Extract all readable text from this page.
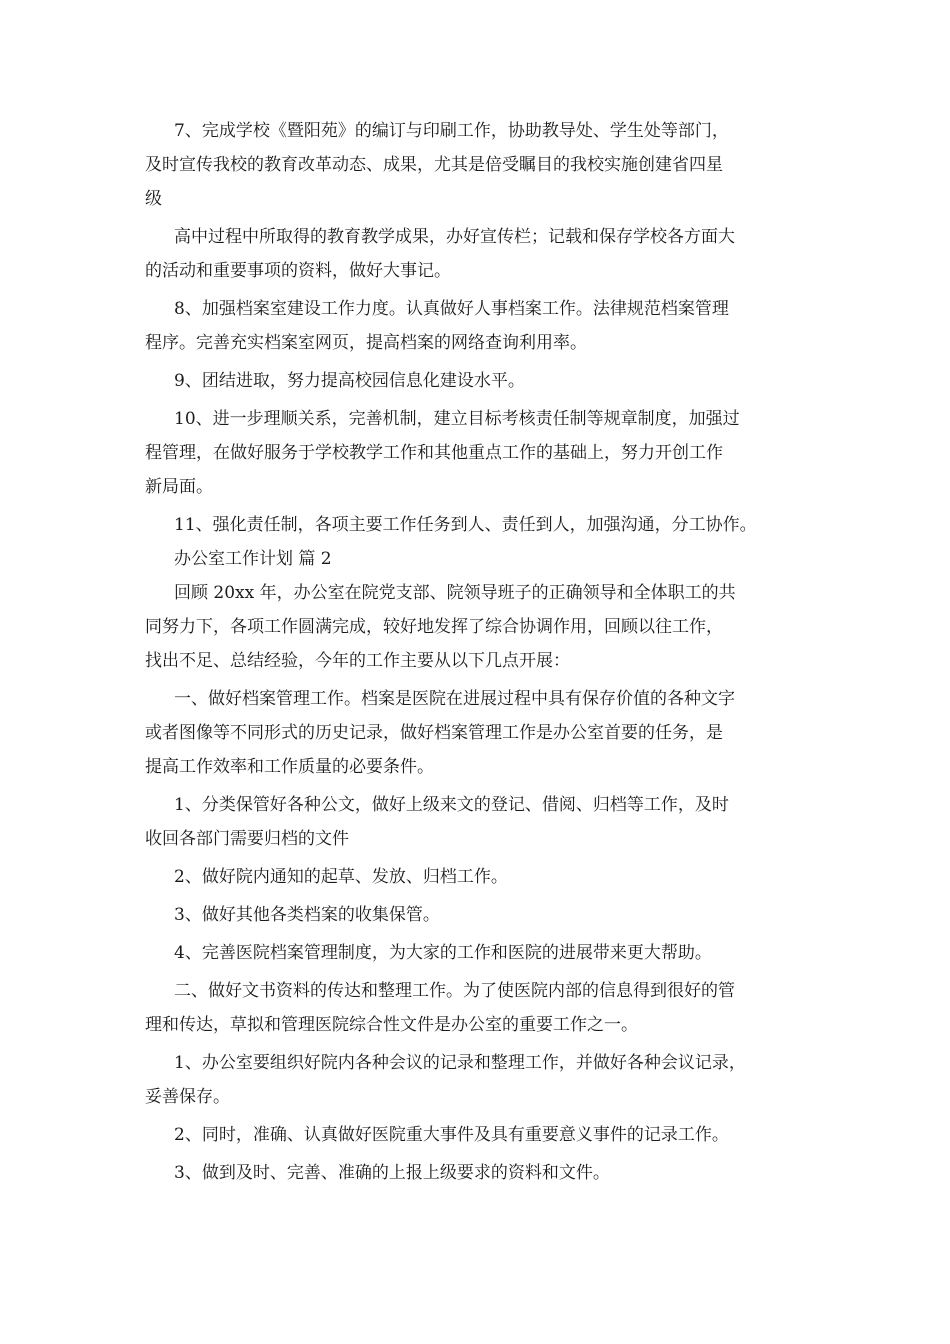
7、完成学校《暨阳苑》的编订与印刷工作，协助教导处、学生处等部门，
及时宣传我校的教育改革动态、成果，尤其是倍受瞩目的我校实施创建省四星
级
高中过程中所取得的教育教学成果，办好宣传栏；记载和保存学校各方面大
的活动和重要事项的资料，做好大事记。
8、加强档案室建设工作力度。认真做好人事档案工作。法律规范档案管理
程序。完善充实档案室网页，提高档案的网络查询利用率。
9、团结进取，努力提高校园信息化建设水平。
10、进一步理顺关系，完善机制，建立目标考核责任制等规章制度，加强过
程管理，在做好服务于学校教学工作和其他重点工作的基础上，努力开创工作
新局面。
11、强化责任制，各项主要工作任务到人、责任到人，加强沟通，分工协作。
办公室工作计划 篇 2
回顾 20xx 年，办公室在院党支部、院领导班子的正确领导和全体职工的共
同努力下，各项工作圆满完成，较好地发挥了综合协调作用，回顾以往工作，
找出不足、总结经验，今年的工作主要从以下几点开展：
一、做好档案管理工作。档案是医院在进展过程中具有保存价值的各种文字
或者图像等不同形式的历史记录，做好档案管理工作是办公室首要的任务，是
提高工作效率和工作质量的必要条件。
1、分类保管好各种公文，做好上级来文的登记、借阅、归档等工作，及时
收回各部门需要归档的文件
2、做好院内通知的起草、发放、归档工作。
3、做好其他各类档案的收集保管。
4、完善医院档案管理制度，为大家的工作和医院的进展带来更大帮助。
二、做好文书资料的传达和整理工作。为了使医院内部的信息得到很好的管
理和传达，草拟和管理医院综合性文件是办公室的重要工作之一。
1、办公室要组织好院内各种会议的记录和整理工作，并做好各种会议记录，
妥善保存。
2、同时，准确、认真做好医院重大事件及具有重要意义事件的记录工作。
3、做到及时、完善、准确的上报上级要求的资料和文件。
